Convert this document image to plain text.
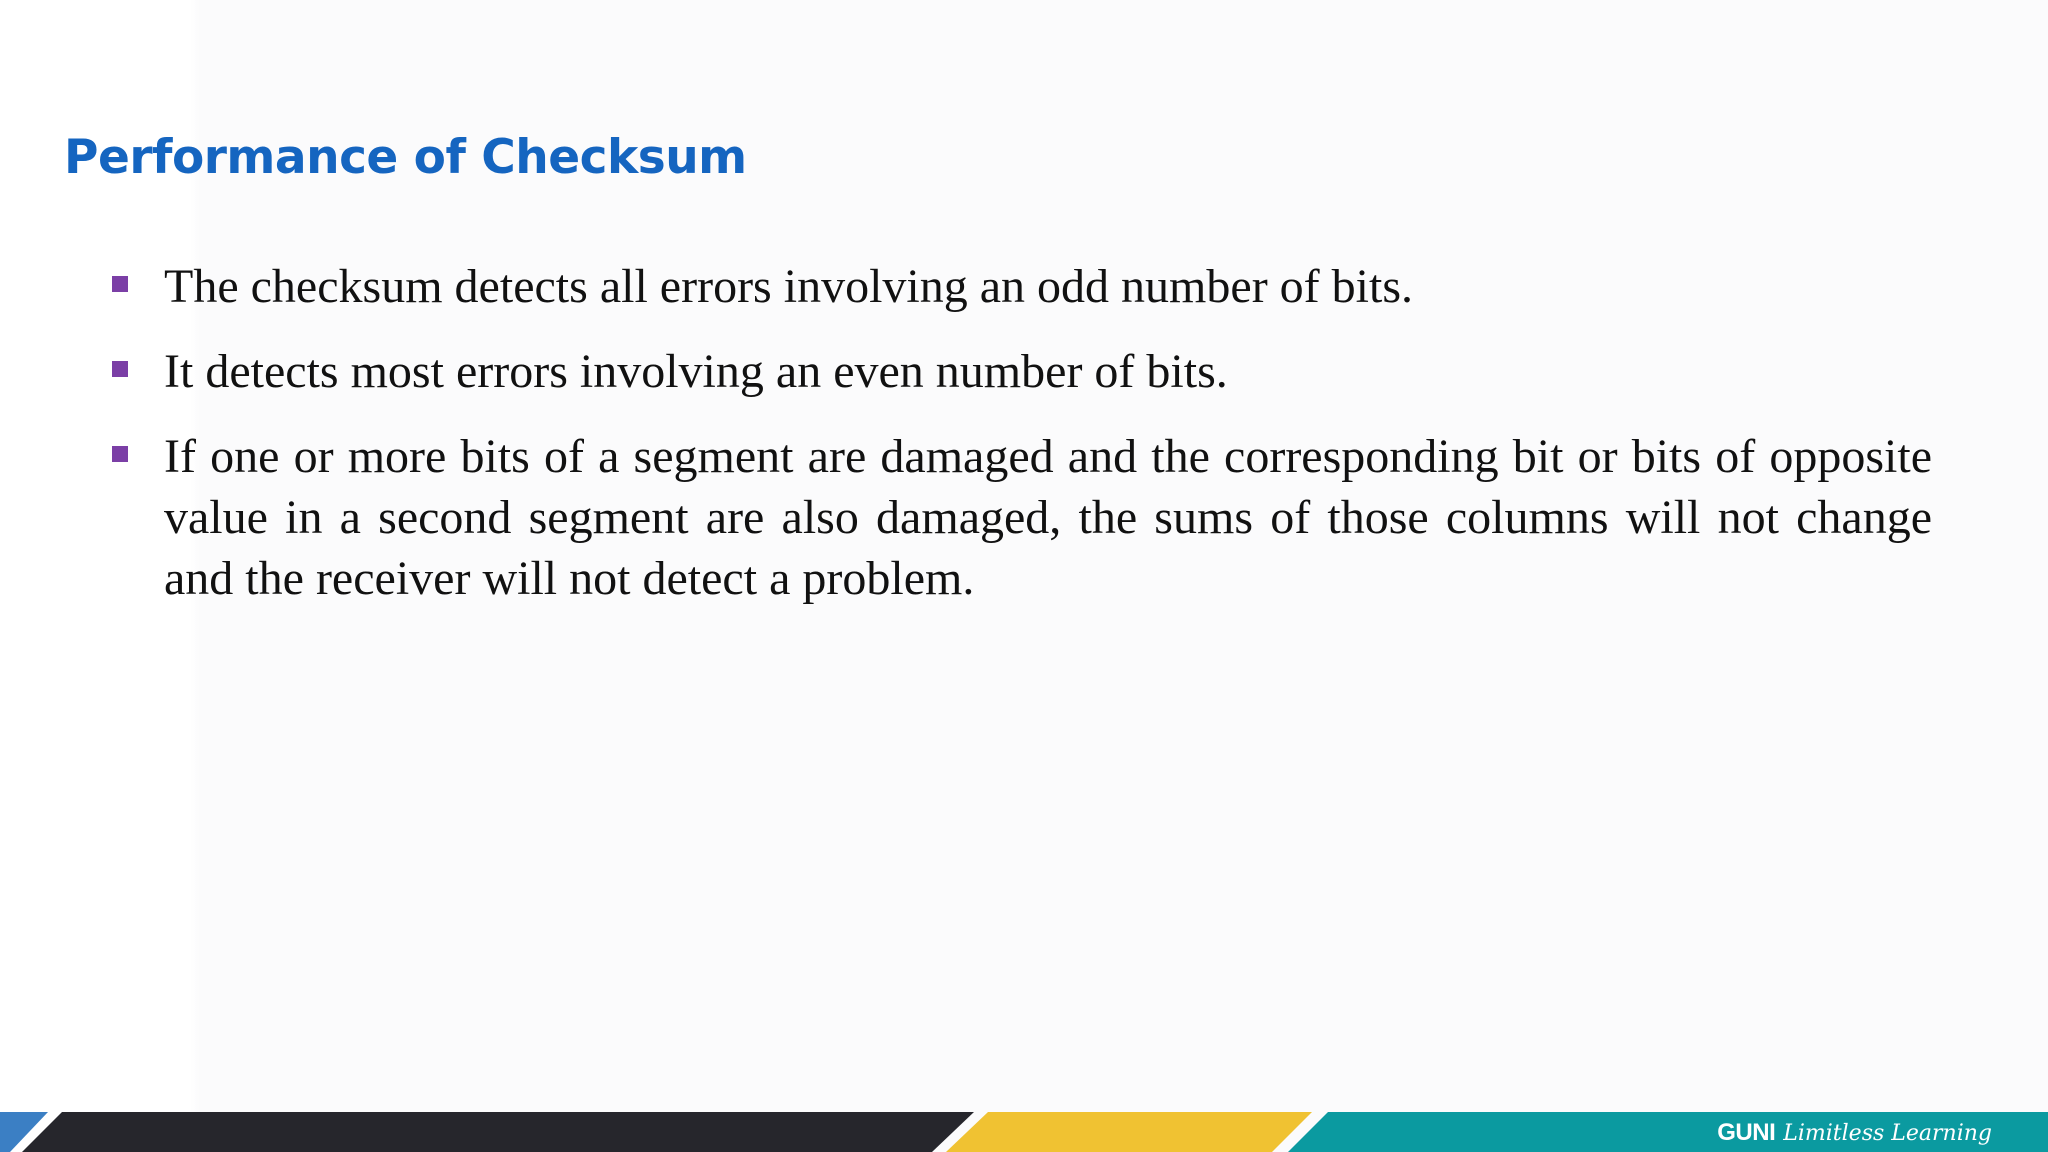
Performance of Checksum
The checksum detects all errors involving an odd number of bits.
It detects most errors involving an even number of bits.
If one or more bits of a segment are damaged and the corresponding bit or bits of opposite value in a second segment are also damaged, the sums of those columns will not change and the receiver will not detect a problem.
GUNI Limitless Learning
